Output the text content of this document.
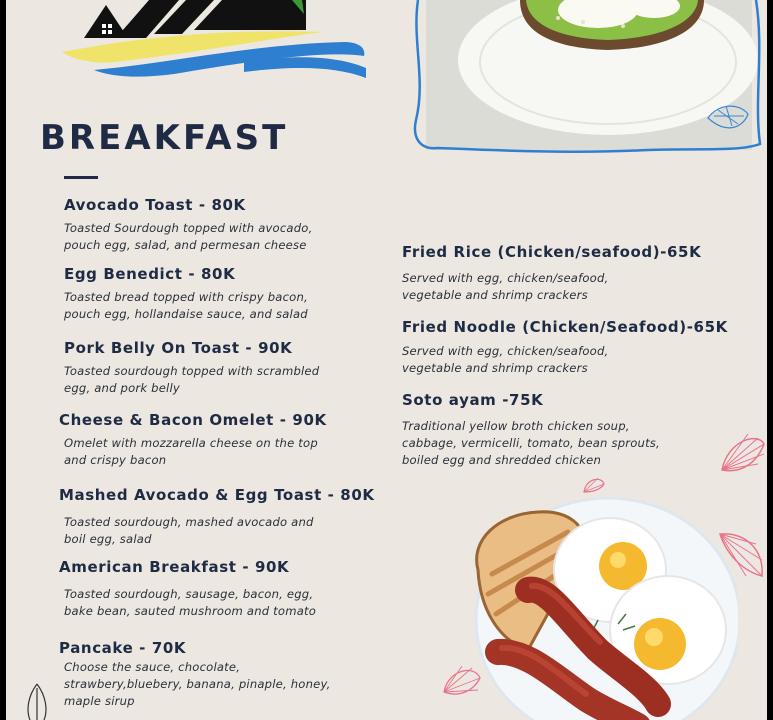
BREAKFAST
Avocado Toast - 80K
Toasted Sourdough topped with avocado,
pouch egg, salad, and permesan cheese
Egg Benedict - 80K
Toasted bread topped with crispy bacon,
pouch egg, hollandaise sauce, and salad
Pork Belly On Toast - 90K
Toasted sourdough topped with scrambled
egg, and pork belly
Cheese & Bacon Omelet - 90K
Omelet with mozzarella cheese on the top
and crispy bacon
Mashed Avocado & Egg Toast - 80K
Toasted sourdough, mashed avocado and
boil egg, salad
American Breakfast - 90K
Toasted sourdough, sausage, bacon, egg,
bake bean, sauted mushroom and tomato
Pancake - 70K
Choose the sauce, chocolate,
strawbery,bluebery, banana, pinaple, honey,
maple sirup
Fried Rice (Chicken/seafood)-65K
Served with egg, chicken/seafood,
vegetable and shrimp crackers
Fried Noodle (Chicken/Seafood)-65K
Served with egg, chicken/seafood,
vegetable and shrimp crackers
Soto ayam -75K
Traditional yellow broth chicken soup,
cabbage, vermicelli, tomato, bean sprouts,
boiled egg and shredded chicken
